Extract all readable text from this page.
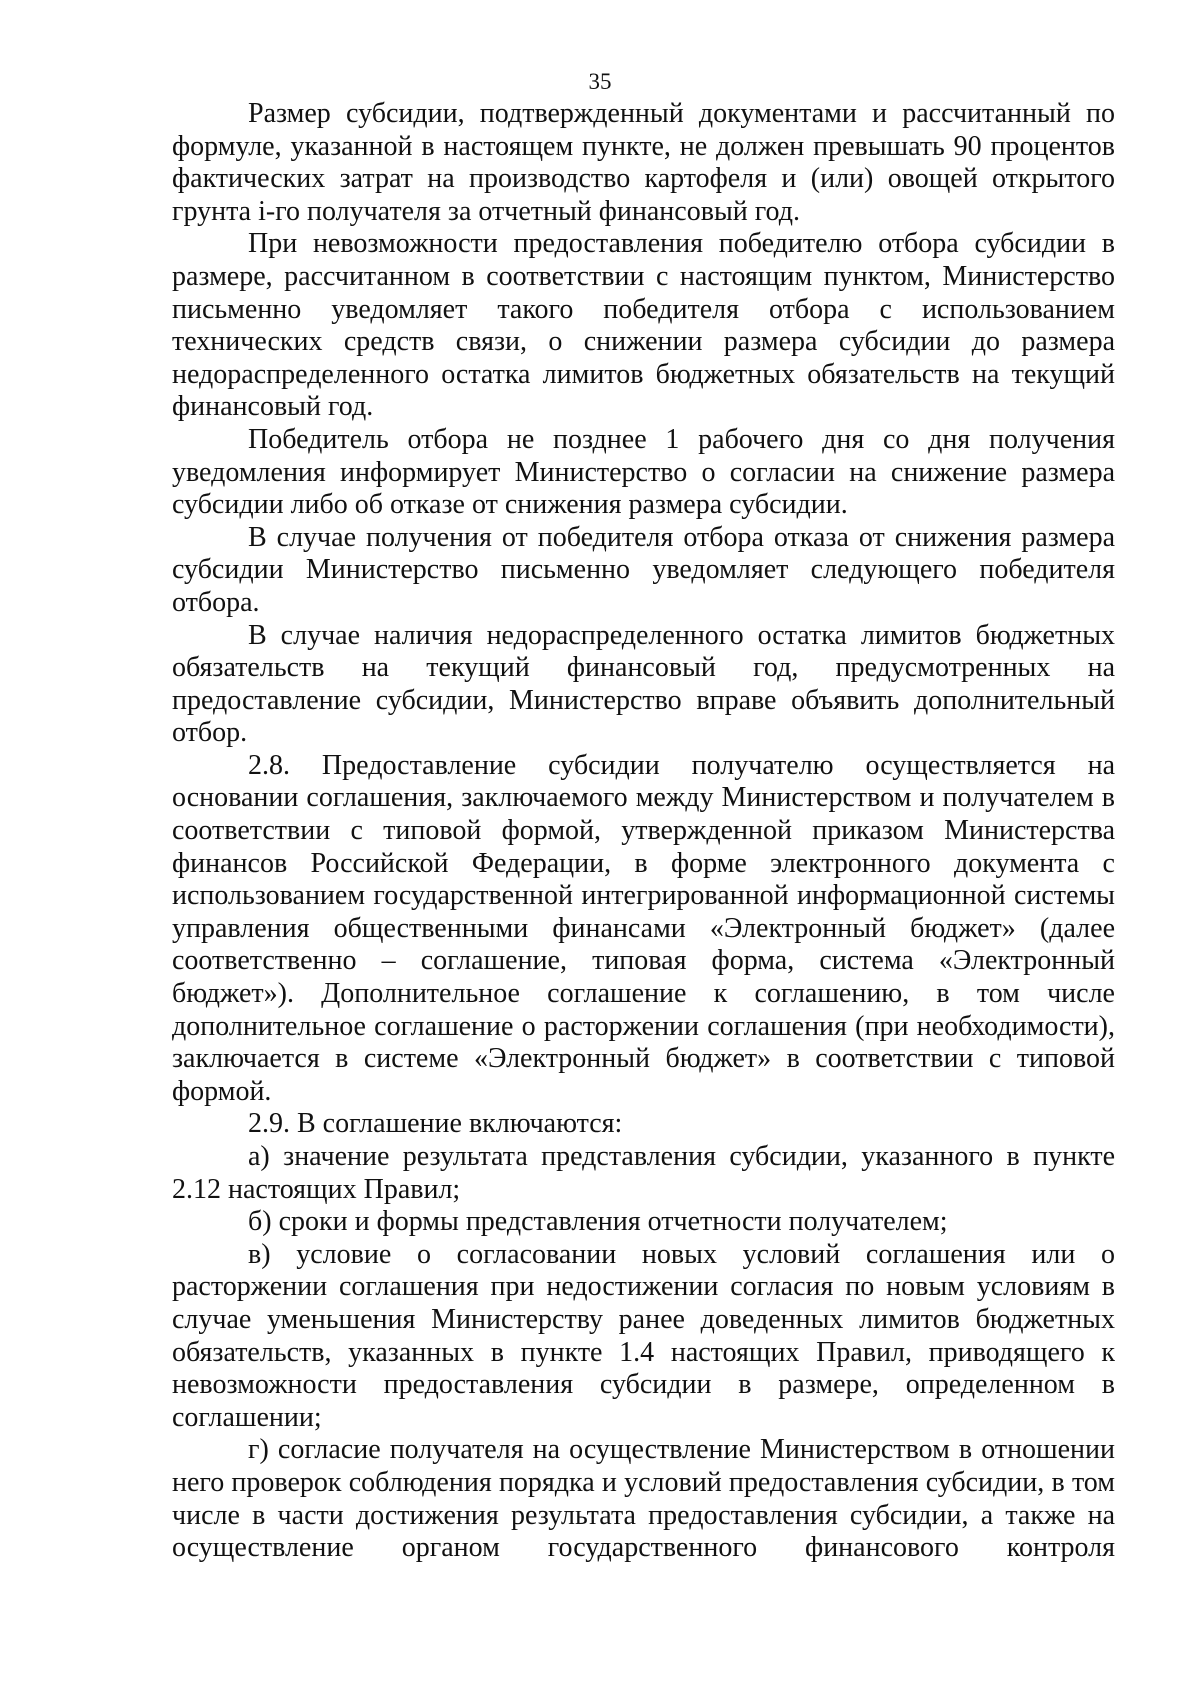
35

Размер субсидии, подтвержденный документами и рассчитанный по формуле, указанной в настоящем пункте, не должен превышать 90 процентов фактических затрат на производство картофеля и (или) овощей открытого грунта i-го получателя за отчетный финансовый год.

При невозможности предоставления победителю отбора субсидии в размере, рассчитанном в соответствии с настоящим пунктом, Министерство письменно уведомляет такого победителя отбора с использованием технических средств связи, о снижении размера субсидии до размера недораспределенного остатка лимитов бюджетных обязательств на текущий финансовый год.

Победитель отбора не позднее 1 рабочего дня со дня получения уведомления информирует Министерство о согласии на снижение размера субсидии либо об отказе от снижения размера субсидии.

В случае получения от победителя отбора отказа от снижения размера субсидии Министерство письменно уведомляет следующего победителя отбора.

В случае наличия недораспределенного остатка лимитов бюджетных обязательств на текущий финансовый год, предусмотренных на предоставление субсидии, Министерство вправе объявить дополнительный отбор.

2.8. Предоставление субсидии получателю осуществляется на основании соглашения, заключаемого между Министерством и получателем в соответствии с типовой формой, утвержденной приказом Министерства финансов Российской Федерации, в форме электронного документа с использованием государственной интегрированной информационной системы управления общественными финансами «Электронный бюджет» (далее соответственно – соглашение, типовая форма, система «Электронный бюджет»). Дополнительное соглашение к соглашению, в том числе дополнительное соглашение о расторжении соглашения (при необходимости), заключается в системе «Электронный бюджет» в соответствии с типовой формой.

2.9. В соглашение включаются:

а) значение результата представления субсидии, указанного в пункте 2.12 настоящих Правил;

б) сроки и формы представления отчетности получателем;

в) условие о согласовании новых условий соглашения или о расторжении соглашения при недостижении согласия по новым условиям в случае уменьшения Министерству ранее доведенных лимитов бюджетных обязательств, указанных в пункте 1.4 настоящих Правил, приводящего к невозможности предоставления субсидии в размере, определенном в соглашении;

г) согласие получателя на осуществление Министерством в отношении него проверок соблюдения порядка и условий предоставления субсидии, в том числе в части достижения результата предоставления субсидии, а также на осуществление органом государственного финансового контроля
